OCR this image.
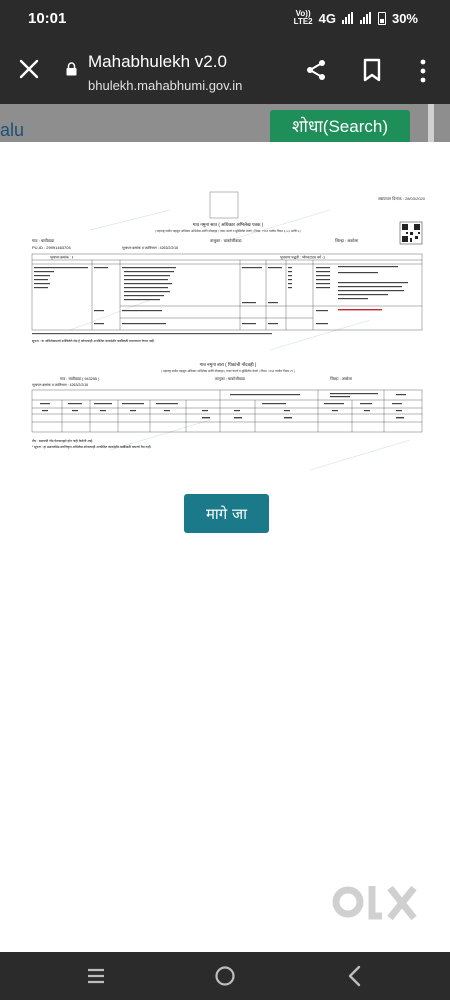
10:01	Vo))
LTE2 4G	30%
Mahabhulekh v2.0
bhulekh.mahabhumi.gov.in
alu	शोधा(Search)
अद्ययावत दिनांक : 28/03/2020
गाव नमुना सात ( अधिकार अभिलेख पत्रक )
[ महाराष्ट्र जमीन महसूल अधिकार अभिलेख आणि नोंदवह्या ( तयार करणे व सुस्थितीत ठेवणे ) नियम, १९७१ यातील नियम ३,५,६ आणि ७ ]
गाव : चावीवाडा	तालुका : चाकोजीवाडा	जिल्हा : अकोला
PU-ID : 29991463704	भूमापन क्रमांक व उपविभाग : 4263/2/2/16
भूमापन क्रमांक : १	भूधारणा पद्धती : भोगवटादार वर्ग -1
सूचना : या अधिलेखामध्ये दर्शविलेले क्षेत्र हे कोणत्याही अनपेक्षित कायदेशीर बाबींसाठी वापरण्यात येणार नाही.
गाव नमुना बारा ( पिकांची नोंदवही )
[ महाराष्ट्र जमीन महसूल अधिकार अभिलेख आणि नोंदवह्या ( तयार करणे व सुस्थितीत ठेवणे ) नियम, १९७१ यातील नियम २९ ]
गाव : चावीवाडा ( 943255 )	तालुका : चाकोजीवाडा	जिल्हा : अकोला
भूमापन क्रमांक व उपविभाग : 4263/2/2/16
टीप : बदलाची नोंद फेरफारद्वारे होत नाही केलेली आहे.
* सूचना : हा डाउनलोडेड संगणिकृत अभिलेख कोणत्याही अनपेक्षित कायदेशीर बाबींसाठी वापरणे वैध नाही.
मागे जा
